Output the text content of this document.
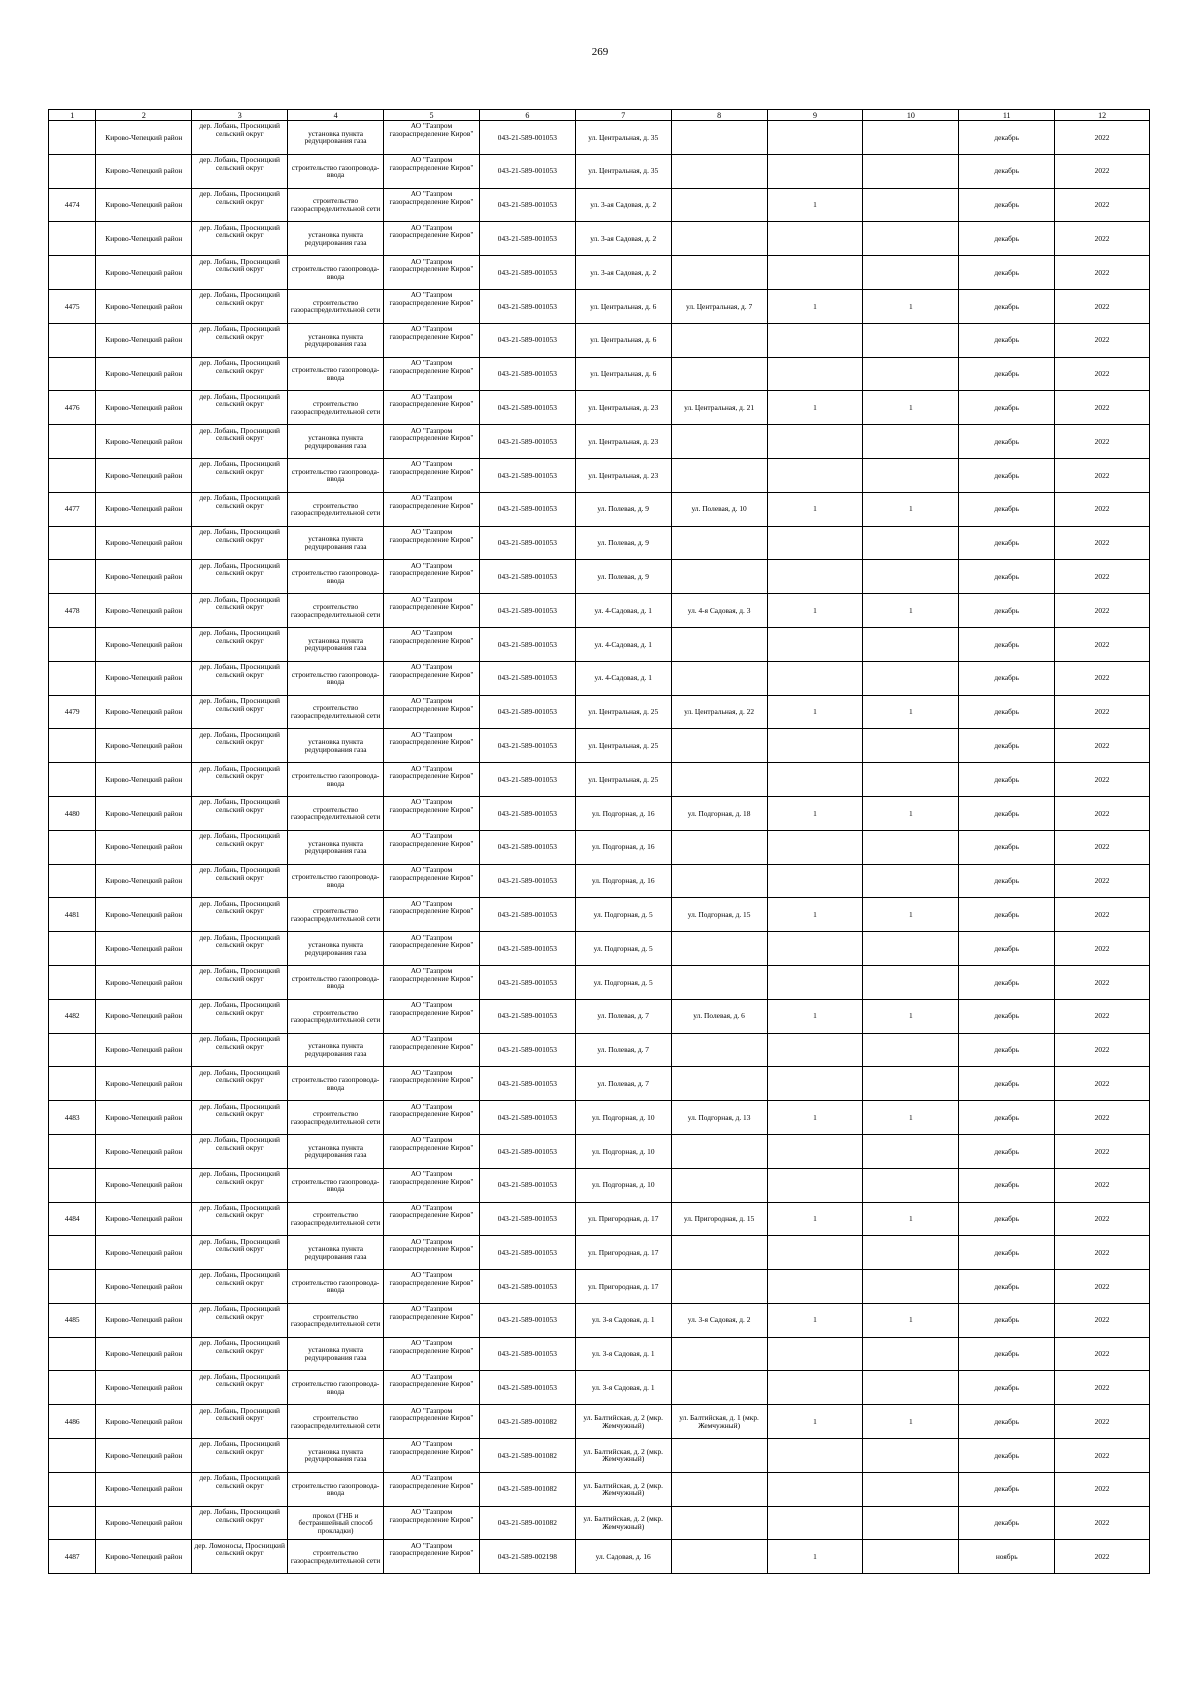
269
1	2	3	4	5	6	7	8	9	10	11	12
	Кирово-Чепецкий район	дер. Лобань, Просницкий сельский округ	установка пункта редуцирования газа	АО "Газпром газораспределение Киров"	043-21-589-001053	ул. Центральная, д. 35				декабрь	2022
	Кирово-Чепецкий район	дер. Лобань, Просницкий сельский округ	строительство газопровода-ввода	АО "Газпром газораспределение Киров"	043-21-589-001053	ул. Центральная, д. 35				декабрь	2022
4474	Кирово-Чепецкий район	дер. Лобань, Просницкий сельский округ	строительство газораспределительной сети	АО "Газпром газораспределение Киров"	043-21-589-001053	ул. 3-ая Садовая, д. 2		1		декабрь	2022
	Кирово-Чепецкий район	дер. Лобань, Просницкий сельский округ	установка пункта редуцирования газа	АО "Газпром газораспределение Киров"	043-21-589-001053	ул. 3-ая Садовая, д. 2				декабрь	2022
	Кирово-Чепецкий район	дер. Лобань, Просницкий сельский округ	строительство газопровода-ввода	АО "Газпром газораспределение Киров"	043-21-589-001053	ул. 3-ая Садовая, д. 2				декабрь	2022
4475	Кирово-Чепецкий район	дер. Лобань, Просницкий сельский округ	строительство газораспределительной сети	АО "Газпром газораспределение Киров"	043-21-589-001053	ул. Центральная, д. 6	ул. Центральная, д. 7	1	1	декабрь	2022
	Кирово-Чепецкий район	дер. Лобань, Просницкий сельский округ	установка пункта редуцирования газа	АО "Газпром газораспределение Киров"	043-21-589-001053	ул. Центральная, д. 6				декабрь	2022
	Кирово-Чепецкий район	дер. Лобань, Просницкий сельский округ	строительство газопровода-ввода	АО "Газпром газораспределение Киров"	043-21-589-001053	ул. Центральная, д. 6				декабрь	2022
4476	Кирово-Чепецкий район	дер. Лобань, Просницкий сельский округ	строительство газораспределительной сети	АО "Газпром газораспределение Киров"	043-21-589-001053	ул. Центральная, д. 23	ул. Центральная, д. 21	1	1	декабрь	2022
	Кирово-Чепецкий район	дер. Лобань, Просницкий сельский округ	установка пункта редуцирования газа	АО "Газпром газораспределение Киров"	043-21-589-001053	ул. Центральная, д. 23				декабрь	2022
	Кирово-Чепецкий район	дер. Лобань, Просницкий сельский округ	строительство газопровода-ввода	АО "Газпром газораспределение Киров"	043-21-589-001053	ул. Центральная, д. 23				декабрь	2022
4477	Кирово-Чепецкий район	дер. Лобань, Просницкий сельский округ	строительство газораспределительной сети	АО "Газпром газораспределение Киров"	043-21-589-001053	ул. Полевая, д. 9	ул. Полевая, д. 10	1	1	декабрь	2022
	Кирово-Чепецкий район	дер. Лобань, Просницкий сельский округ	установка пункта редуцирования газа	АО "Газпром газораспределение Киров"	043-21-589-001053	ул. Полевая, д. 9				декабрь	2022
	Кирово-Чепецкий район	дер. Лобань, Просницкий сельский округ	строительство газопровода-ввода	АО "Газпром газораспределение Киров"	043-21-589-001053	ул. Полевая, д. 9				декабрь	2022
4478	Кирово-Чепецкий район	дер. Лобань, Просницкий сельский округ	строительство газораспределительной сети	АО "Газпром газораспределение Киров"	043-21-589-001053	ул. 4-Садовая, д. 1	ул. 4-я Садовая, д. 3	1	1	декабрь	2022
	Кирово-Чепецкий район	дер. Лобань, Просницкий сельский округ	установка пункта редуцирования газа	АО "Газпром газораспределение Киров"	043-21-589-001053	ул. 4-Садовая, д. 1				декабрь	2022
	Кирово-Чепецкий район	дер. Лобань, Просницкий сельский округ	строительство газопровода-ввода	АО "Газпром газораспределение Киров"	043-21-589-001053	ул. 4-Садовая, д. 1				декабрь	2022
4479	Кирово-Чепецкий район	дер. Лобань, Просницкий сельский округ	строительство газораспределительной сети	АО "Газпром газораспределение Киров"	043-21-589-001053	ул. Центральная, д. 25	ул. Центральная, д. 22	1	1	декабрь	2022
	Кирово-Чепецкий район	дер. Лобань, Просницкий сельский округ	установка пункта редуцирования газа	АО "Газпром газораспределение Киров"	043-21-589-001053	ул. Центральная, д. 25				декабрь	2022
	Кирово-Чепецкий район	дер. Лобань, Просницкий сельский округ	строительство газопровода-ввода	АО "Газпром газораспределение Киров"	043-21-589-001053	ул. Центральная, д. 25				декабрь	2022
4480	Кирово-Чепецкий район	дер. Лобань, Просницкий сельский округ	строительство газораспределительной сети	АО "Газпром газораспределение Киров"	043-21-589-001053	ул. Подгорная, д. 16	ул. Подгорная, д. 18	1	1	декабрь	2022
	Кирово-Чепецкий район	дер. Лобань, Просницкий сельский округ	установка пункта редуцирования газа	АО "Газпром газораспределение Киров"	043-21-589-001053	ул. Подгорная, д. 16				декабрь	2022
	Кирово-Чепецкий район	дер. Лобань, Просницкий сельский округ	строительство газопровода-ввода	АО "Газпром газораспределение Киров"	043-21-589-001053	ул. Подгорная, д. 16				декабрь	2022
4481	Кирово-Чепецкий район	дер. Лобань, Просницкий сельский округ	строительство газораспределительной сети	АО "Газпром газораспределение Киров"	043-21-589-001053	ул. Подгорная, д. 5	ул. Подгорная, д. 15	1	1	декабрь	2022
	Кирово-Чепецкий район	дер. Лобань, Просницкий сельский округ	установка пункта редуцирования газа	АО "Газпром газораспределение Киров"	043-21-589-001053	ул. Подгорная, д. 5				декабрь	2022
	Кирово-Чепецкий район	дер. Лобань, Просницкий сельский округ	строительство газопровода-ввода	АО "Газпром газораспределение Киров"	043-21-589-001053	ул. Подгорная, д. 5				декабрь	2022
4482	Кирово-Чепецкий район	дер. Лобань, Просницкий сельский округ	строительство газораспределительной сети	АО "Газпром газораспределение Киров"	043-21-589-001053	ул. Полевая, д. 7	ул. Полевая, д. 6	1	1	декабрь	2022
	Кирово-Чепецкий район	дер. Лобань, Просницкий сельский округ	установка пункта редуцирования газа	АО "Газпром газораспределение Киров"	043-21-589-001053	ул. Полевая, д. 7				декабрь	2022
	Кирово-Чепецкий район	дер. Лобань, Просницкий сельский округ	строительство газопровода-ввода	АО "Газпром газораспределение Киров"	043-21-589-001053	ул. Полевая, д. 7				декабрь	2022
4483	Кирово-Чепецкий район	дер. Лобань, Просницкий сельский округ	строительство газораспределительной сети	АО "Газпром газораспределение Киров"	043-21-589-001053	ул. Подгорная, д. 10	ул. Подгорная, д. 13	1	1	декабрь	2022
	Кирово-Чепецкий район	дер. Лобань, Просницкий сельский округ	установка пункта редуцирования газа	АО "Газпром газораспределение Киров"	043-21-589-001053	ул. Подгорная, д. 10				декабрь	2022
	Кирово-Чепецкий район	дер. Лобань, Просницкий сельский округ	строительство газопровода-ввода	АО "Газпром газораспределение Киров"	043-21-589-001053	ул. Подгорная, д. 10				декабрь	2022
4484	Кирово-Чепецкий район	дер. Лобань, Просницкий сельский округ	строительство газораспределительной сети	АО "Газпром газораспределение Киров"	043-21-589-001053	ул. Пригородная, д. 17	ул. Пригородная, д. 15	1	1	декабрь	2022
	Кирово-Чепецкий район	дер. Лобань, Просницкий сельский округ	установка пункта редуцирования газа	АО "Газпром газораспределение Киров"	043-21-589-001053	ул. Пригородная, д. 17				декабрь	2022
	Кирово-Чепецкий район	дер. Лобань, Просницкий сельский округ	строительство газопровода-ввода	АО "Газпром газораспределение Киров"	043-21-589-001053	ул. Пригородная, д. 17				декабрь	2022
4485	Кирово-Чепецкий район	дер. Лобань, Просницкий сельский округ	строительство газораспределительной сети	АО "Газпром газораспределение Киров"	043-21-589-001053	ул. 3-я Садовая, д. 1	ул. 3-я Садовая, д. 2	1	1	декабрь	2022
	Кирово-Чепецкий район	дер. Лобань, Просницкий сельский округ	установка пункта редуцирования газа	АО "Газпром газораспределение Киров"	043-21-589-001053	ул. 3-я Садовая, д. 1				декабрь	2022
	Кирово-Чепецкий район	дер. Лобань, Просницкий сельский округ	строительство газопровода-ввода	АО "Газпром газораспределение Киров"	043-21-589-001053	ул. 3-я Садовая, д. 1				декабрь	2022
4486	Кирово-Чепецкий район	дер. Лобань, Просницкий сельский округ	строительство газораспределительной сети	АО "Газпром газораспределение Киров"	043-21-589-001082	ул. Балтийская, д. 2 (мкр. Жемчужный)	ул. Балтийская, д. 1 (мкр. Жемчужный)	1	1	декабрь	2022
	Кирово-Чепецкий район	дер. Лобань, Просницкий сельский округ	установка пункта редуцирования газа	АО "Газпром газораспределение Киров"	043-21-589-001082	ул. Балтийская, д. 2 (мкр. Жемчужный)				декабрь	2022
	Кирово-Чепецкий район	дер. Лобань, Просницкий сельский округ	строительство газопровода-ввода	АО "Газпром газораспределение Киров"	043-21-589-001082	ул. Балтийская, д. 2 (мкр. Жемчужный)				декабрь	2022
	Кирово-Чепецкий район	дер. Лобань, Просницкий сельский округ	прокол (ГНБ и бестраншейный способ прокладки)	АО "Газпром газораспределение Киров"	043-21-589-001082	ул. Балтийская, д. 2 (мкр. Жемчужный)				декабрь	2022
4487	Кирово-Чепецкий район	дер. Ломоносы, Просницкий сельский округ	строительство газораспределительной сети	АО "Газпром газораспределение Киров"	043-21-589-002198	ул. Садовая, д. 16		1		ноябрь	2022
